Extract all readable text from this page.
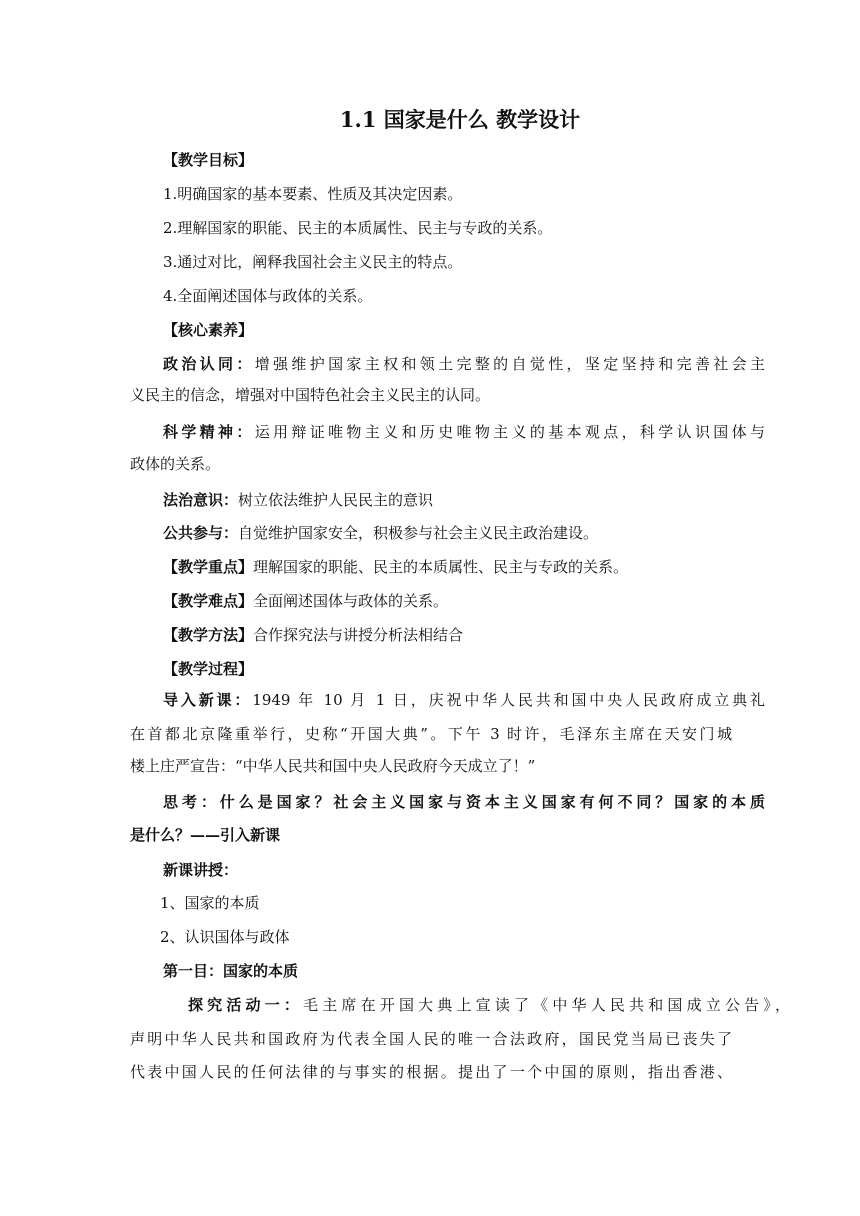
1.1 国家是什么 教学设计
【教学目标】
1.明确国家的基本要素、性质及其决定因素。
2.理解国家的职能、民主的本质属性、民主与专政的关系。
3.通过对比，阐释我国社会主义民主的特点。
4.全面阐述国体与政体的关系。
【核心素养】
政治认同：增强维护国家主权和领土完整的自觉性，坚定坚持和完善社会主
义民主的信念，增强对中国特色社会主义民主的认同。
科学精神：运用辩证唯物主义和历史唯物主义的基本观点，科学认识国体与
政体的关系。
法治意识：树立依法维护人民民主的意识
公共参与：自觉维护国家安全，积极参与社会主义民主政治建设。
【教学重点】理解国家的职能、民主的本质属性、民主与专政的关系。
【教学难点】全面阐述国体与政体的关系。
【教学方法】合作探究法与讲授分析法相结合
【教学过程】
导入新课：1949 年 10 月 1 日，庆祝中华人民共和国中央人民政府成立典礼
在首都北京隆重举行，史称“开国大典”。下午 3 时许，毛泽东主席在天安门城
楼上庄严宣告：“中华人民共和国中央人民政府今天成立了！”
思考：什么是国家？社会主义国家与资本主义国家有何不同？国家的本质
是什么？——引入新课
新课讲授：
1、国家的本质
2、认识国体与政体
第一目：国家的本质
探究活动一：毛主席在开国大典上宣读了《中华人民共和国成立公告》，
声明中华人民共和国政府为代表全国人民的唯一合法政府，国民党当局已丧失了
代表中国人民的任何法律的与事实的根据。提出了一个中国的原则，指出香港、
